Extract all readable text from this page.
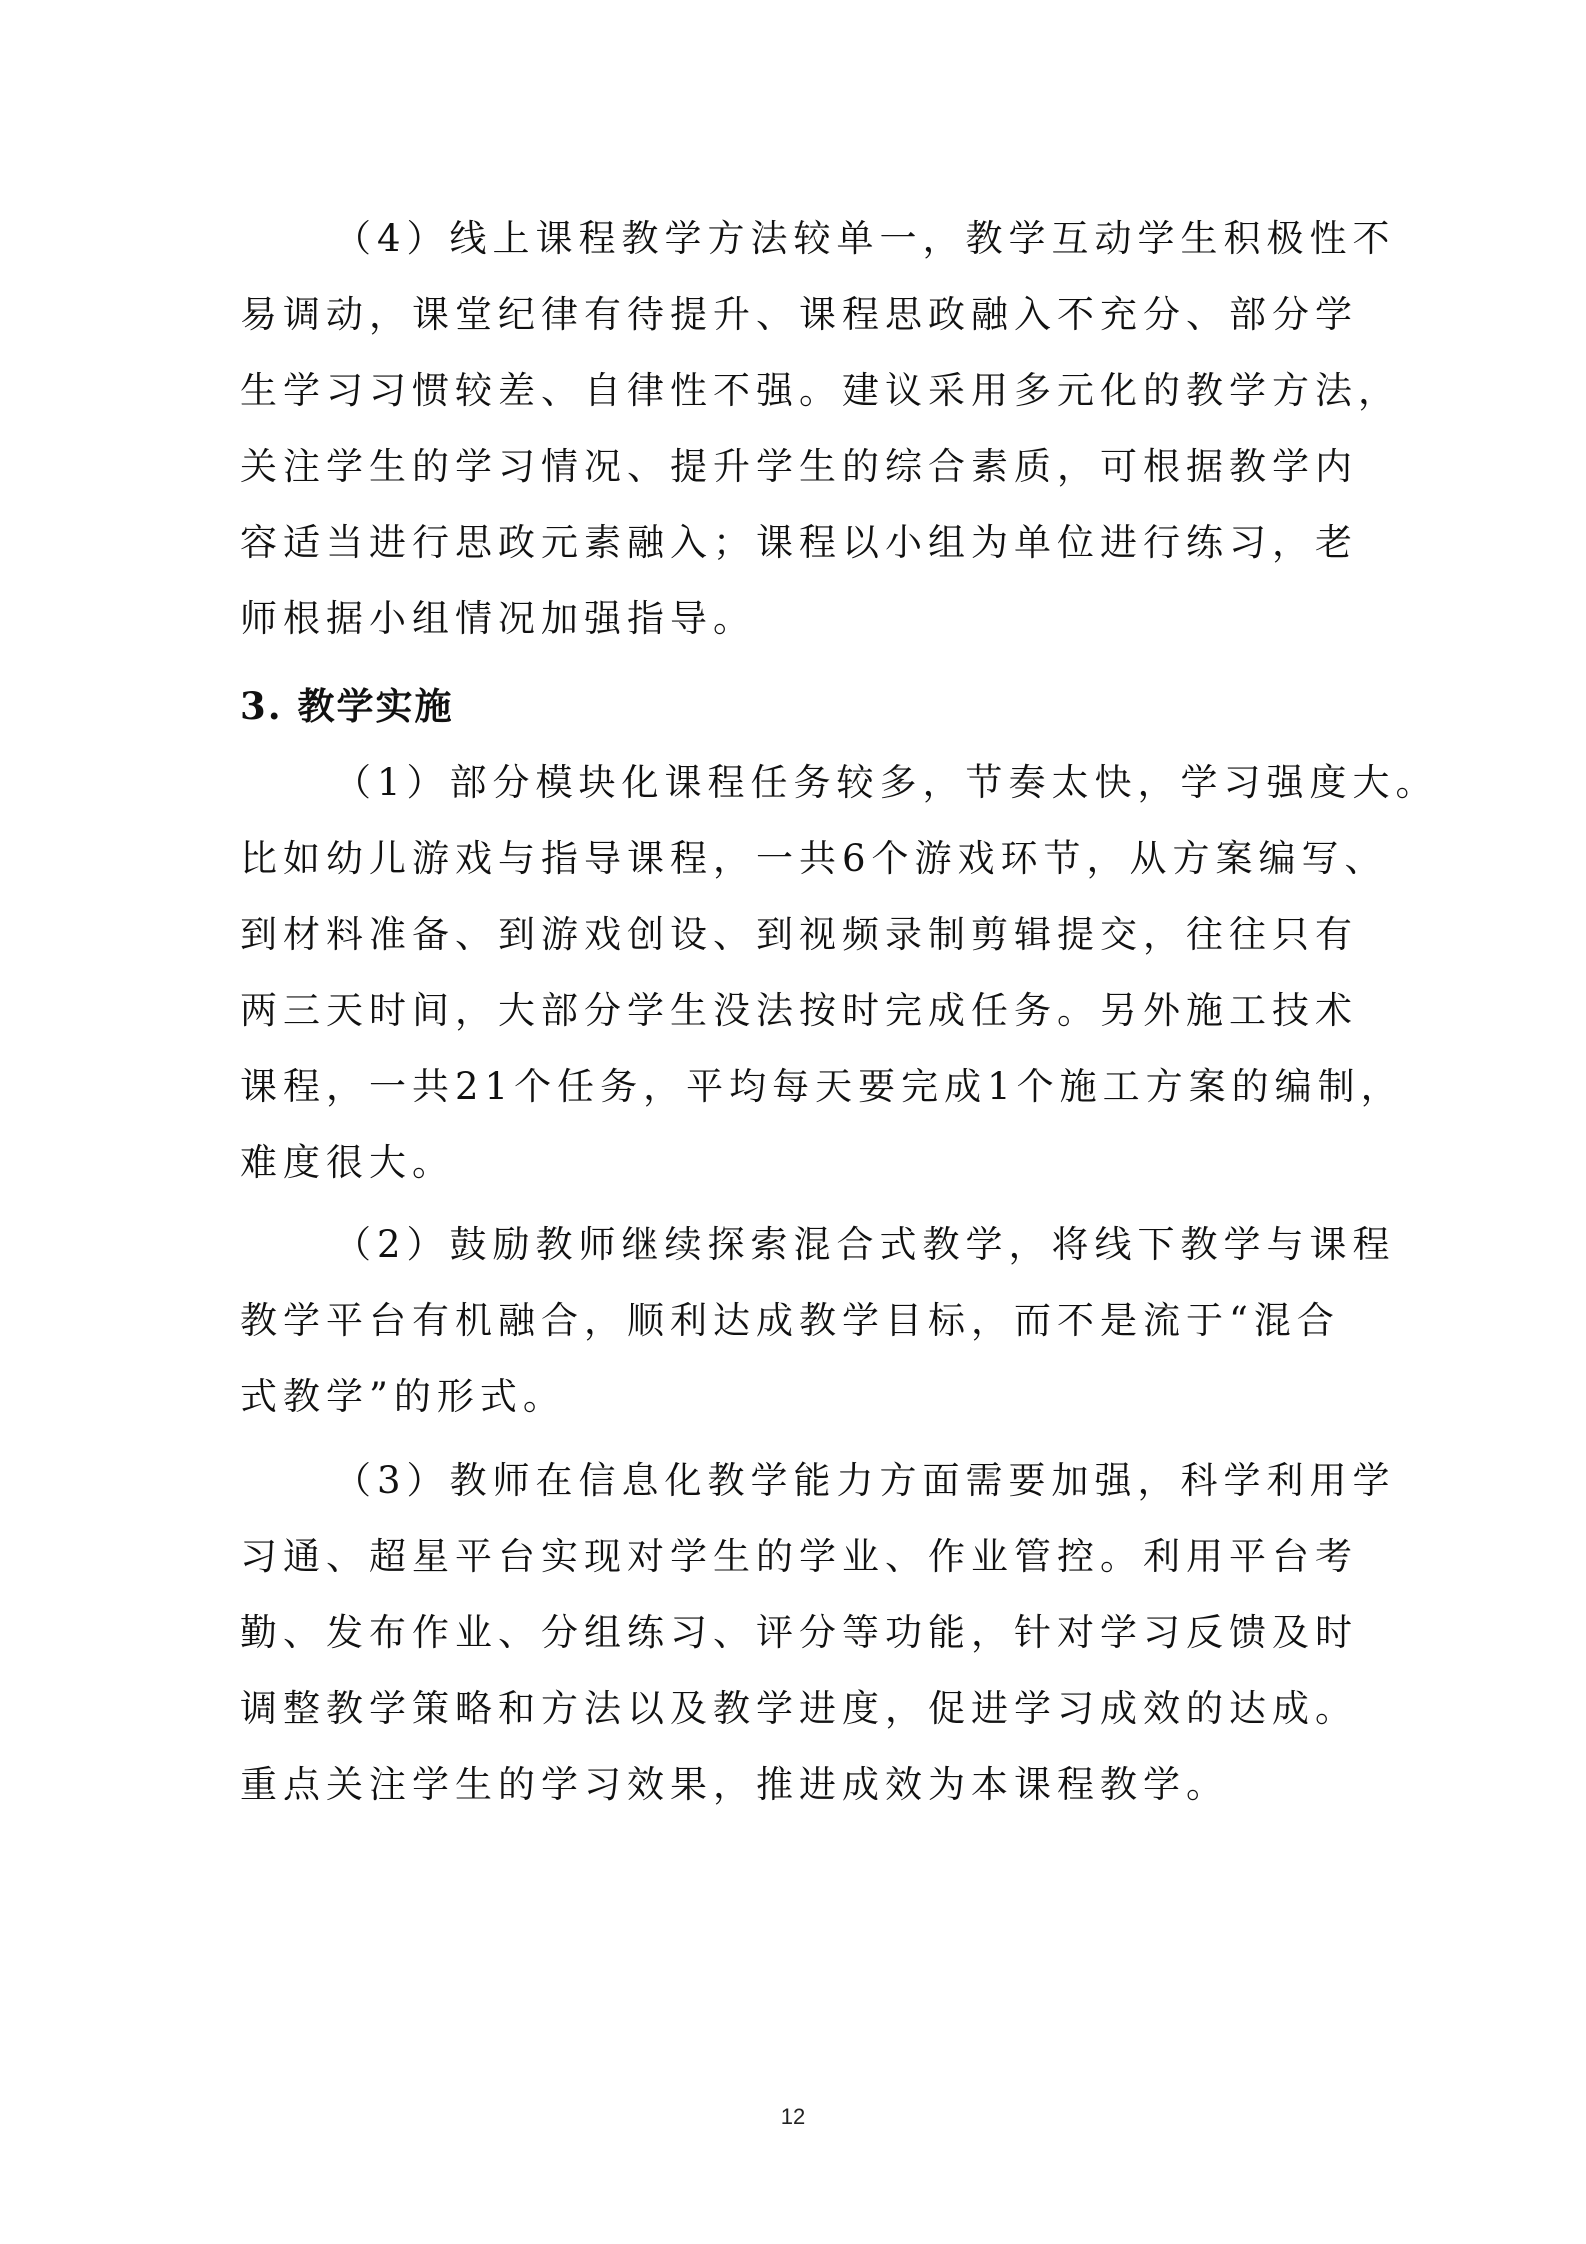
（4）线上课程教学方法较单一，教学互动学生积极性不
易调动，课堂纪律有待提升、课程思政融入不充分、部分学
生学习习惯较差、自律性不强。建议采用多元化的教学方法，
关注学生的学习情况、提升学生的综合素质，可根据教学内
容适当进行思政元素融入；课程以小组为单位进行练习，老
师根据小组情况加强指导。
3. 教学实施
（1）部分模块化课程任务较多，节奏太快，学习强度大。
比如幼儿游戏与指导课程，一共6个游戏环节，从方案编写、
到材料准备、到游戏创设、到视频录制剪辑提交，往往只有
两三天时间，大部分学生没法按时完成任务。另外施工技术
课程，一共21个任务，平均每天要完成1个施工方案的编制，
难度很大。
（2）鼓励教师继续探索混合式教学，将线下教学与课程
教学平台有机融合，顺利达成教学目标，而不是流于“混合
式教学”的形式。
（3）教师在信息化教学能力方面需要加强，科学利用学
习通、超星平台实现对学生的学业、作业管控。利用平台考
勤、发布作业、分组练习、评分等功能，针对学习反馈及时
调整教学策略和方法以及教学进度，促进学习成效的达成。
重点关注学生的学习效果，推进成效为本课程教学。
12
